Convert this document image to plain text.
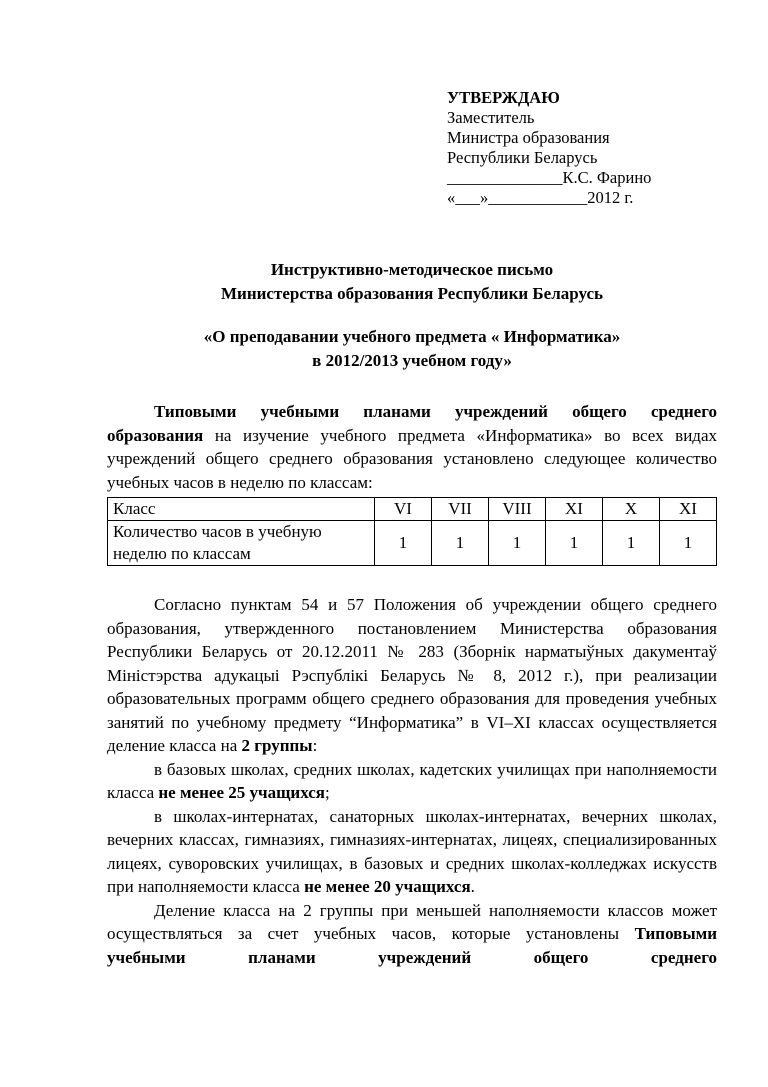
УТВЕРЖДАЮ
Заместитель
Министра образования
Республики Беларусь
______________К.С. Фарино
«___»____________2012 г.
Инструктивно-методическое письмо
Министерства образования Республики Беларусь
«О преподавании учебного предмета « Информатика»
в 2012/2013 учебном году»

Типовыми учебными планами учреждений общего среднего образования на изучение учебного предмета «Информатика» во всех видах учреждений общего среднего образования установлено следующее количество учебных часов в неделю по классам:

Класс	VI	VII	VIII	XI	X	XI
Количество часов в учебную неделю по классам	1	1	1	1	1	1

Согласно пунктам 54 и 57 Положения об учреждении общего среднего образования, утвержденного постановлением Министерства образования Республики Беларусь от 20.12.2011 № 283 (Зборнік нарматыўных дакументаў Міністэрства адукацыі Рэспублікі Беларусь № 8, 2012 г.), при реализации образовательных программ общего среднего образования для проведения учебных занятий по учебному предмету “Информатика” в VI–XI классах осуществляется деление класса на 2 группы:

в базовых школах, средних школах, кадетских училищах при наполняемости класса не менее 25 учащихся;

в школах-интернатах, санаторных школах-интернатах, вечерних школах, вечерних классах, гимназиях, гимназиях-интернатах, лицеях, специализированных лицеях, суворовских училищах, в базовых и средних школах-колледжах искусств при наполняемости класса не менее 20 учащихся.

Деление класса на 2 группы при меньшей наполняемости классов может осуществляться за счет учебных часов, которые установлены Типовыми учебными планами учреждений общего среднего
